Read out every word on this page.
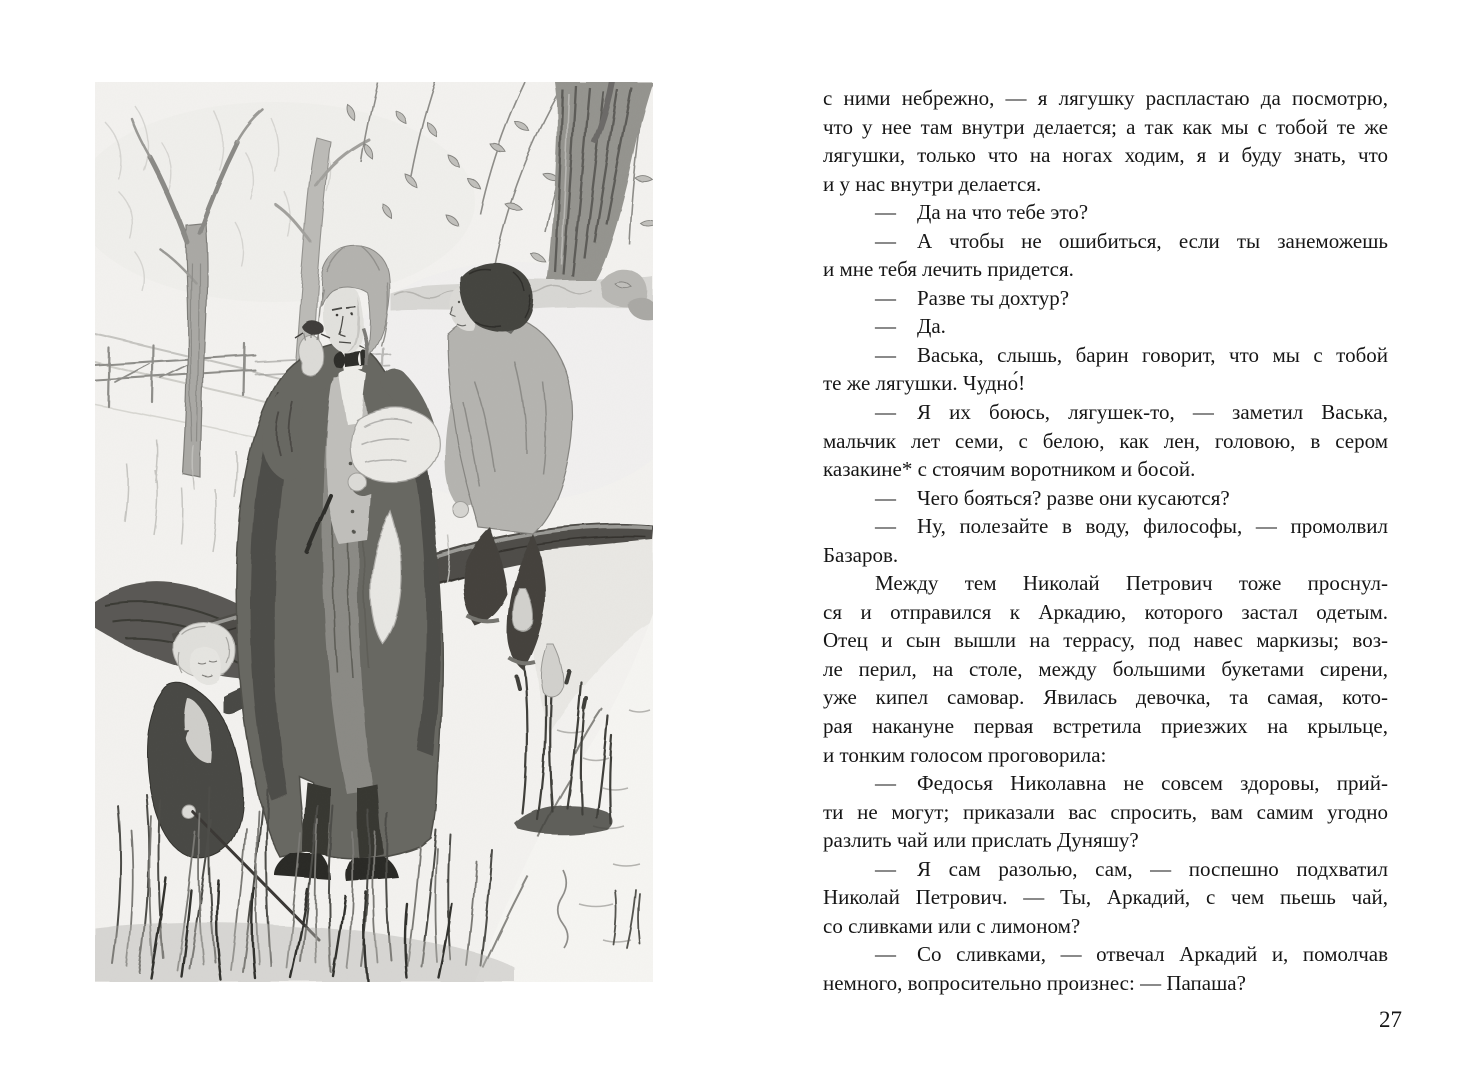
с ними небрежно, — я лягушку распластаю да посмотрю,
что у нее там внутри делается; а так как мы с тобой те же
лягушки, только что на ногах ходим, я и буду знать, что
и у нас внутри делается.
— Да на что тебе это?
— А чтобы не ошибиться, если ты занеможешь
и мне тебя лечить придется.
— Разве ты дохтур?
— Да.
— Васька, слышь, барин говорит, что мы с тобой
те же лягушки. Чудно́!
— Я их боюсь, лягушек-то, — заметил Васька,
мальчик лет семи, с белою, как лен, головою, в сером
казакине* с стоячим воротником и босой.
— Чего бояться? разве они кусаются?
— Ну, полезайте в воду, философы, — промолвил
Базаров.
Между тем Николай Петрович тоже проснул-
ся и отправился к Аркадию, которого застал одетым.
Отец и сын вышли на террасу, под навес маркизы; воз-
ле перил, на столе, между большими букетами сирени,
уже кипел самовар. Явилась девочка, та самая, кото-
рая накануне первая встретила приезжих на крыльце,
и тонким голосом проговорила:
— Федосья Николавна не совсем здоровы, прий-
ти не могут; приказали вас спросить, вам самим угодно
разлить чай или прислать Дуняшу?
— Я сам разолью, сам, — поспешно подхватил
Николай Петрович. — Ты, Аркадий, с чем пьешь чай,
со сливками или с лимоном?
— Со сливками, — отвечал Аркадий и, помолчав
немного, вопросительно произнес: — Папаша?
27
